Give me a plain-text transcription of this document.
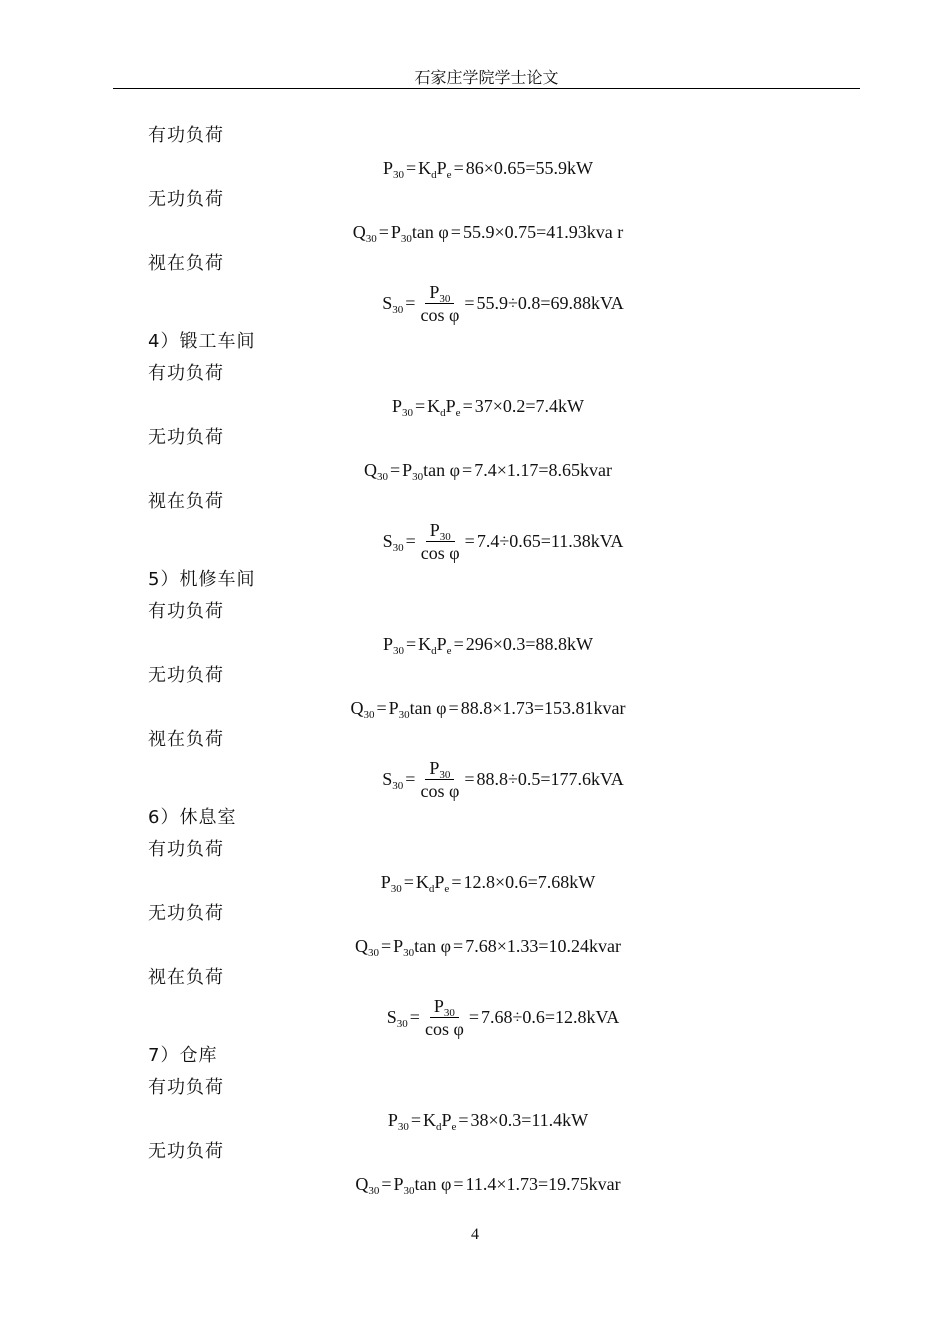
石家庄学院学士论文
有功负荷
$P_{30} = K_d$ $P_e = 86\times 0.65=55.9kW$
无功负荷
$Q_{30} = P_{30}$ tan φ = 55.9×0.75=41.93kva r
视在负荷
$S_{30} = \frac{P_{30}}{\text{cos φ}} = 55.9\div 0.8=69.88kVA$
4）锻工车间
有功负荷
$P_{30} = K_d$ $P_e = 37\times 0.2=7.4kW$
无功负荷
$Q_{30} = P_{30}$ tan φ = 7.4×1.17=8.65kvar
视在负荷
$S_{30} = \frac{P_{30}}{\text{cos φ}} = 7.4\div 0.65=11.38kVA$
5）机修车间
有功负荷
$P_{30} = K_d$ $P_e = 296\times 0.3=88.8kW$
无功负荷
$Q_{30} = P_{30}$ tan φ = 88.8×1.73=153.81kvar
视在负荷
$S_{30} = \frac{P_{30}}{\text{cos φ}} = 88.8\div 0.5=177.6kVA$
6）休息室
有功负荷
$P_{30} = K_d$ $P_e = 12.8\times 0.6=7.68kW$
无功负荷
$Q_{30} = P_{30}$ tan φ = 7.68×1.33=10.24kvar
视在负荷
$S_{30} = \frac{P_{30}}{\text{cos φ}} = 7.68\div 0.6=12.8kVA$
7）仓库
有功负荷
$P_{30} = K_d$ $P_e = 38\times 0.3=11.4kW$
无功负荷
$Q_{30} = P_{30}$ tan φ = 11.4×1.73=19.75kvar
4
